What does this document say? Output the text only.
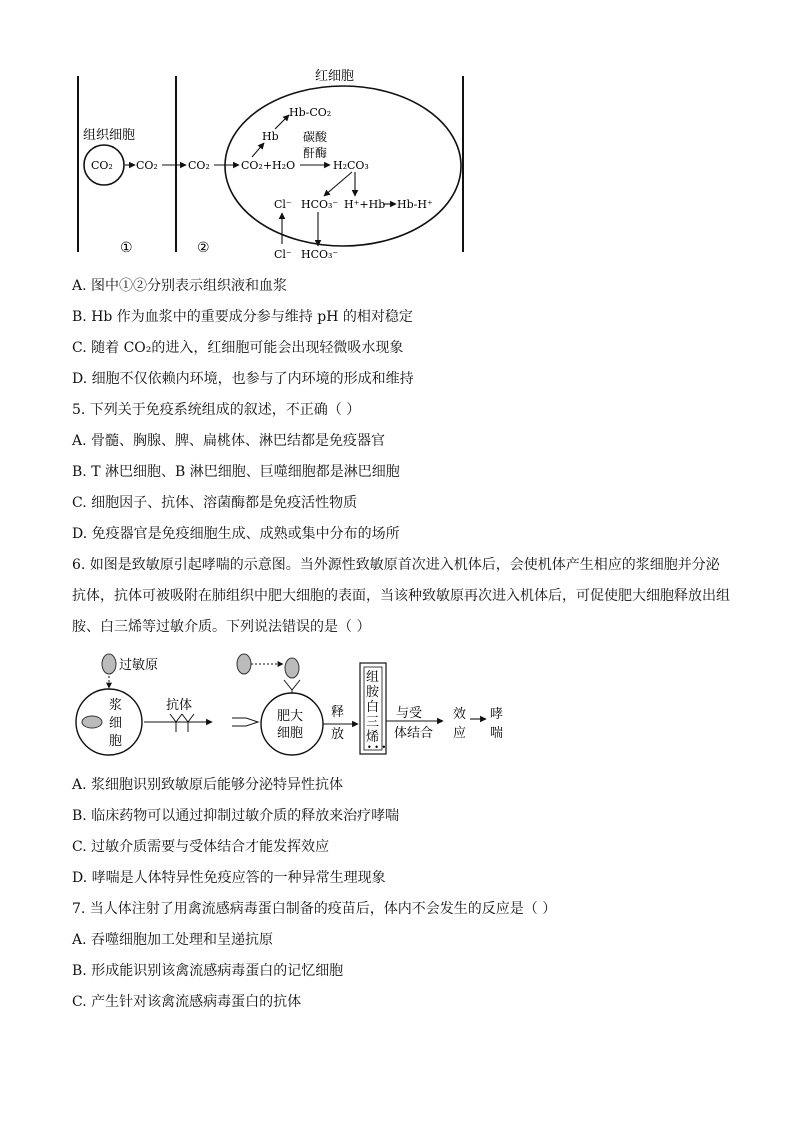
红细胞
组织细胞
CO₂ CO₂	CO₂	CO₂+H₂O
Hb
Hb-CO₂
碳酸
酐酶
H₂CO₃
Cl⁻ HCO₃⁻ H⁺+Hb Hb-H⁺
Cl⁻ HCO₃⁻
①	②
A. 图中①②分别表示组织液和血浆
B. Hb 作为血浆中的重要成分参与维持 pH 的相对稳定
C. 随着 CO₂的进入，红细胞可能会出现轻微吸水现象
D. 细胞不仅依赖内环境，也参与了内环境的形成和维持
5. 下列关于免疫系统组成的叙述，不正确（ ）
A. 骨髓、胸腺、脾、扁桃体、淋巴结都是免疫器官
B. T 淋巴细胞、B 淋巴细胞、巨噬细胞都是淋巴细胞
C. 细胞因子、抗体、溶菌酶都是免疫活性物质
D. 免疫器官是免疫细胞生成、成熟或集中分布的场所
6. 如图是致敏原引起哮喘的示意图。当外源性致敏原首次进入机体后，会使机体产生相应的浆细胞并分泌抗体，抗体可被吸附在肺组织中肥大细胞的表面，当该种致敏原再次进入机体后，可促使肥大细胞释放出组胺、白三烯等过敏介质。下列说法错误的是（ ）
过敏原
浆
细
胞
抗体
肥大
细胞
释
放
组
胺
白
三
烯
• • •
与受
体结合
效
应
哮
喘
A. 浆细胞识别致敏原后能够分泌特异性抗体
B. 临床药物可以通过抑制过敏介质的释放来治疗哮喘
C. 过敏介质需要与受体结合才能发挥效应
D. 哮喘是人体特异性免疫应答的一种异常生理现象
7. 当人体注射了用禽流感病毒蛋白制备的疫苗后，体内不会发生的反应是（ ）
A. 吞噬细胞加工处理和呈递抗原
B. 形成能识别该禽流感病毒蛋白的记忆细胞
C. 产生针对该禽流感病毒蛋白的抗体
